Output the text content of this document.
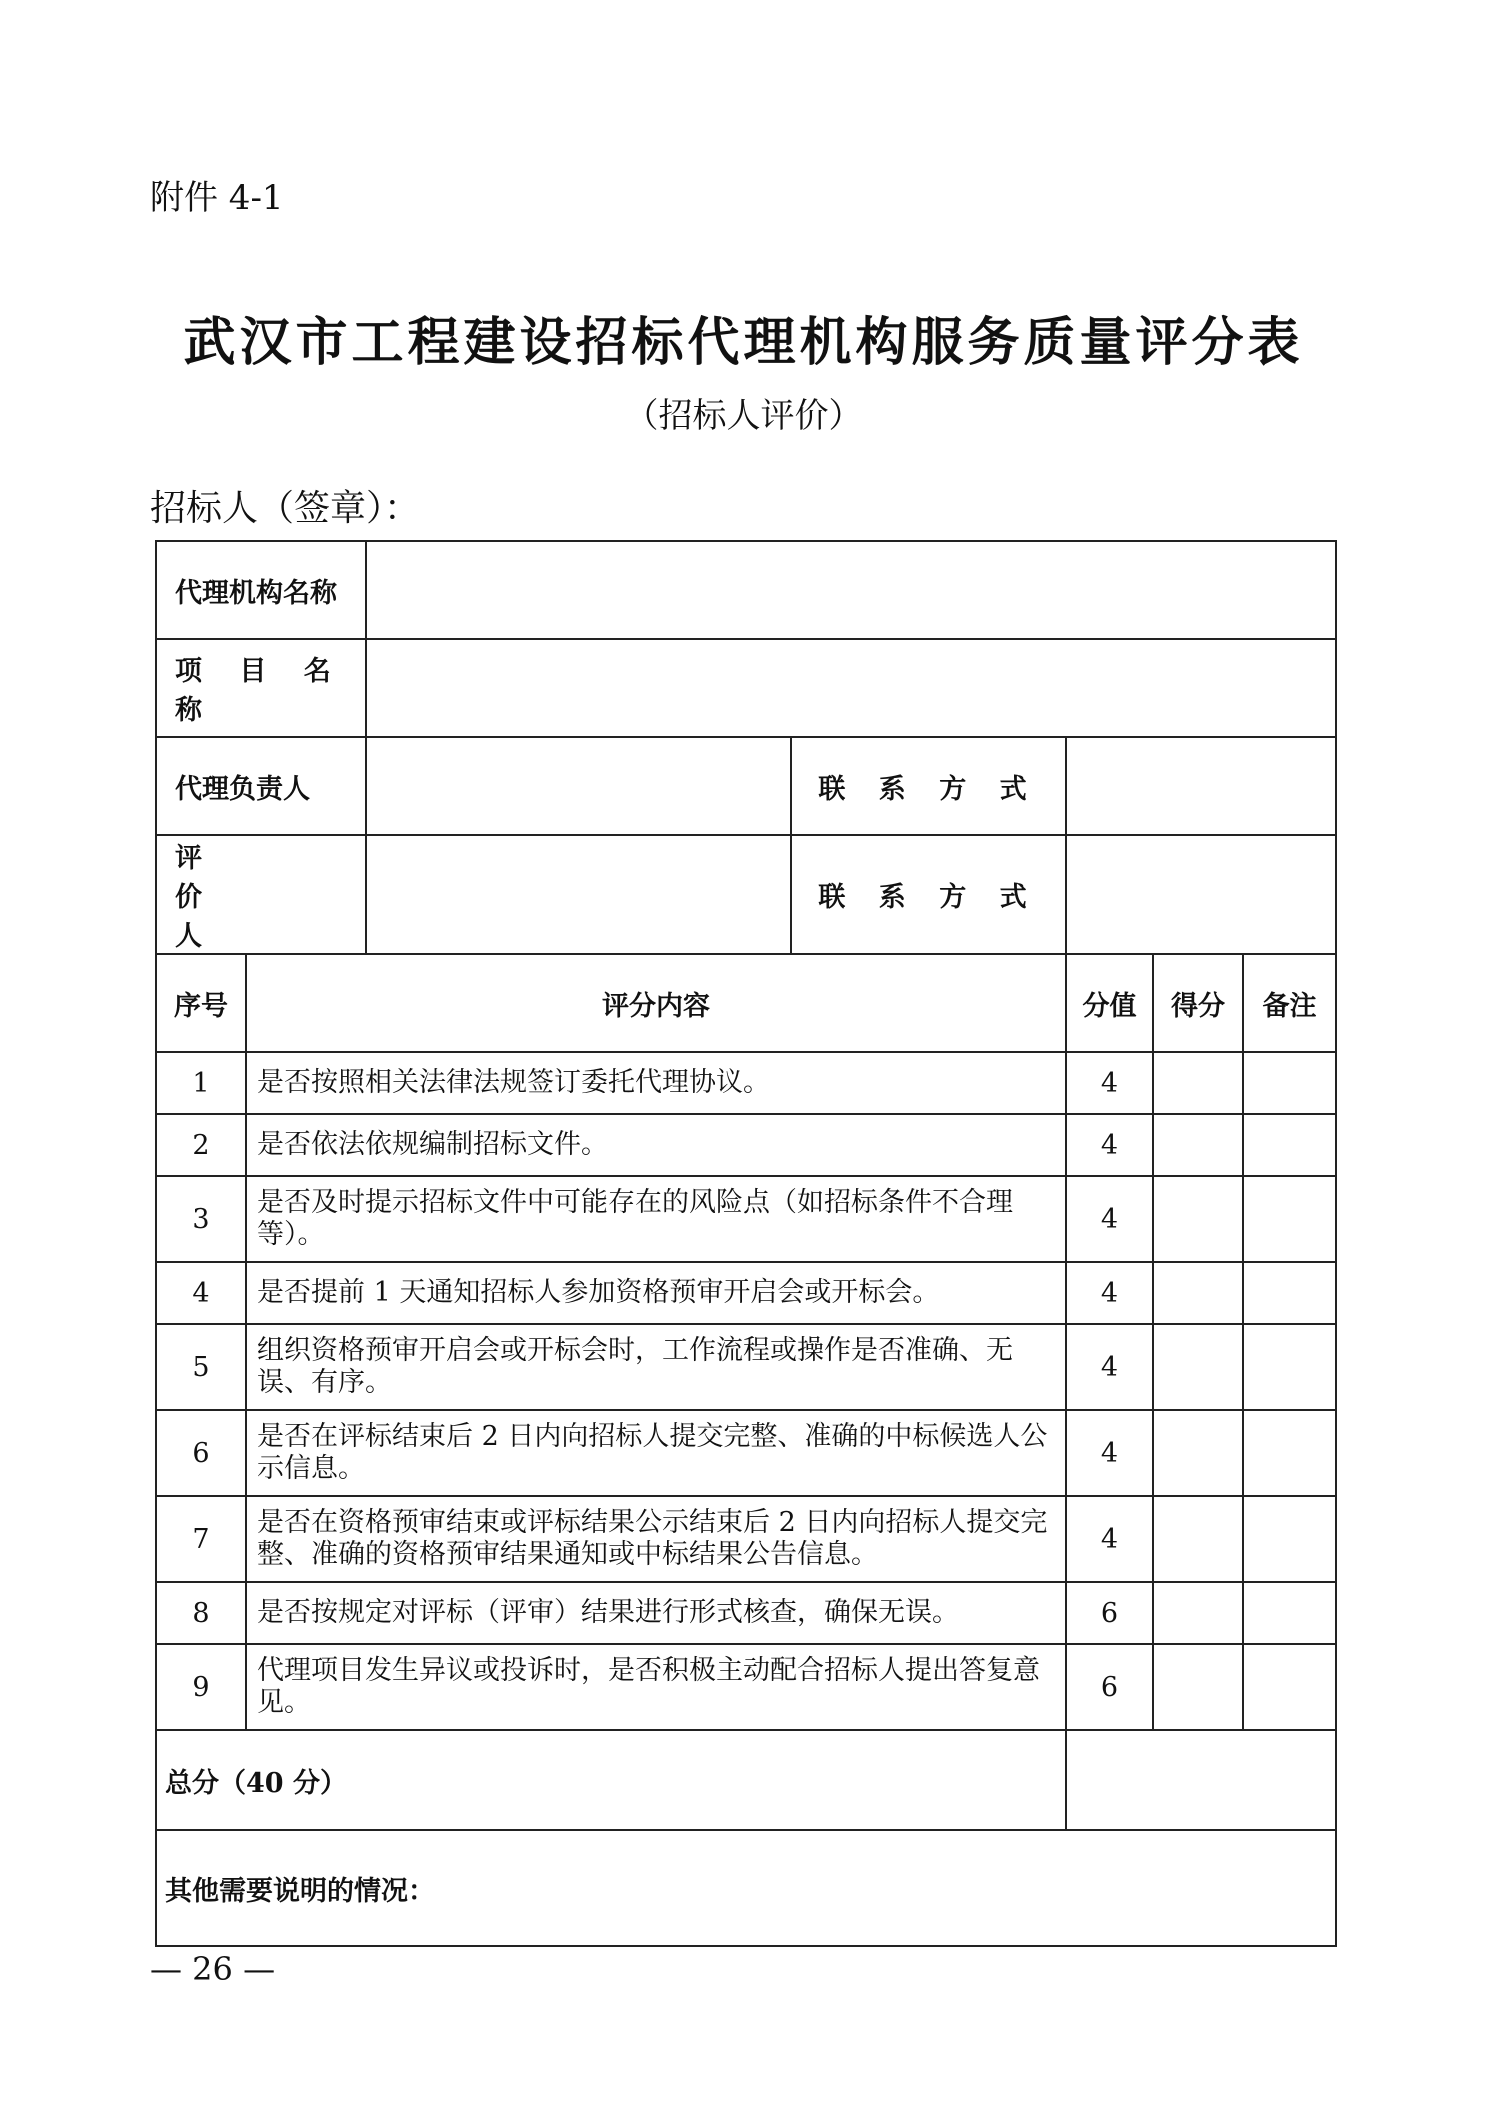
附件 4-1
武汉市工程建设招标代理机构服务质量评分表
（招标人评价）
招标人（签章）：
代理机构名称						
项 目 名 称						
代理负责人			联 系 方 式			
评 价 人			联 系 方 式			
序号	评分内容			分值	得分	备注
1	是否按照相关法律法规签订委托代理协议。			4		
2	是否依法依规编制招标文件。			4		
3	是否及时提示招标文件中可能存在的风险点（如招标条件不合理等）。			4		
4	是否提前 1 天通知招标人参加资格预审开启会或开标会。			4		
5	组织资格预审开启会或开标会时，工作流程或操作是否准确、无误、有序。			4		
6	是否在评标结束后 2 日内向招标人提交完整、准确的中标候选人公示信息。			4		
7	是否在资格预审结束或评标结果公示结束后 2 日内向招标人提交完整、准确的资格预审结果通知或中标结果公告信息。			4		
8	是否按规定对评标（评审）结果进行形式核查，确保无误。			6		
9	代理项目发生异议或投诉时，是否积极主动配合招标人提出答复意见。			6		
总分（40 分）						
其他需要说明的情况：						
— 26 —
